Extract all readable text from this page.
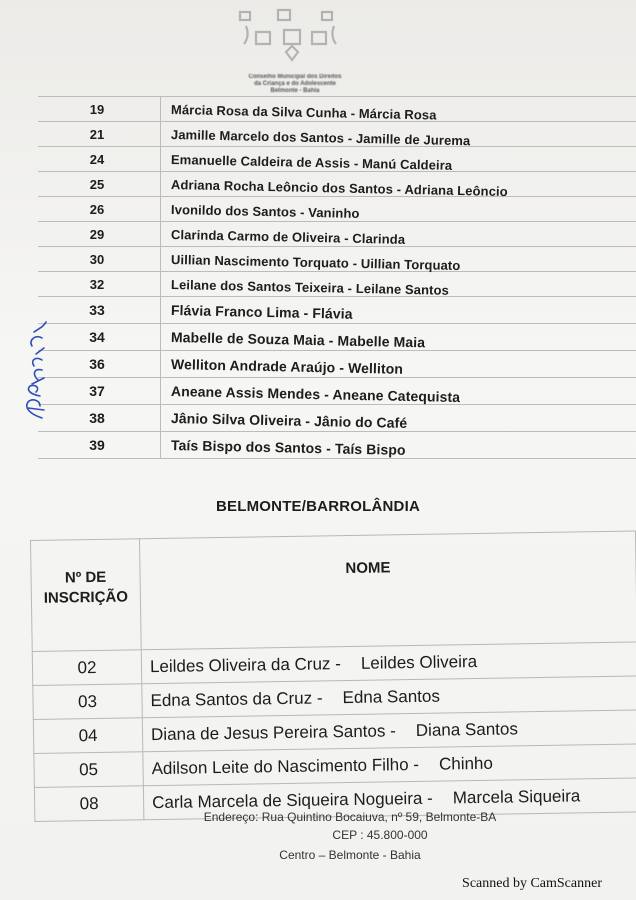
Conselho Municipal dos Direitos
da Criança e do Adolescente
Belmonte - Bahia
19	Márcia Rosa da Silva Cunha - Márcia Rosa
21	Jamille Marcelo dos Santos - Jamille de Jurema
24	Emanuelle Caldeira de Assis - Manú Caldeira
25	Adriana Rocha Leôncio dos Santos - Adriana Leôncio
26	Ivonildo dos Santos - Vaninho
29	Clarinda Carmo de Oliveira - Clarinda
30	Uillian Nascimento Torquato - Uillian Torquato
32	Leilane dos Santos Teixeira - Leilane Santos
33	Flávia Franco Lima - Flávia
34	Mabelle de Souza Maia - Mabelle Maia
36	Welliton Andrade Araújo - Welliton
37	Aneane Assis Mendes - Aneane Catequista
38	Jânio Silva Oliveira - Jânio do Café
39	Taís Bispo dos Santos - Taís Bispo
BELMONTE/BARROLÂNDIA
Nº DE
INSCRIÇÃO	NOME
02	Leildes Oliveira da Cruz - Leildes Oliveira
03	Edna Santos da Cruz - Edna Santos
04	Diana de Jesus Pereira Santos - Diana Santos
05	Adilson Leite do Nascimento Filho - Chinho
08	Carla Marcela de Siqueira Nogueira - Marcela Siqueira
Endereço: Rua Quintino Bocaiuva, nº 59, Belmonte-BA
CEP : 45.800-000
Centro – Belmonte - Bahia
Scanned by CamScanner
